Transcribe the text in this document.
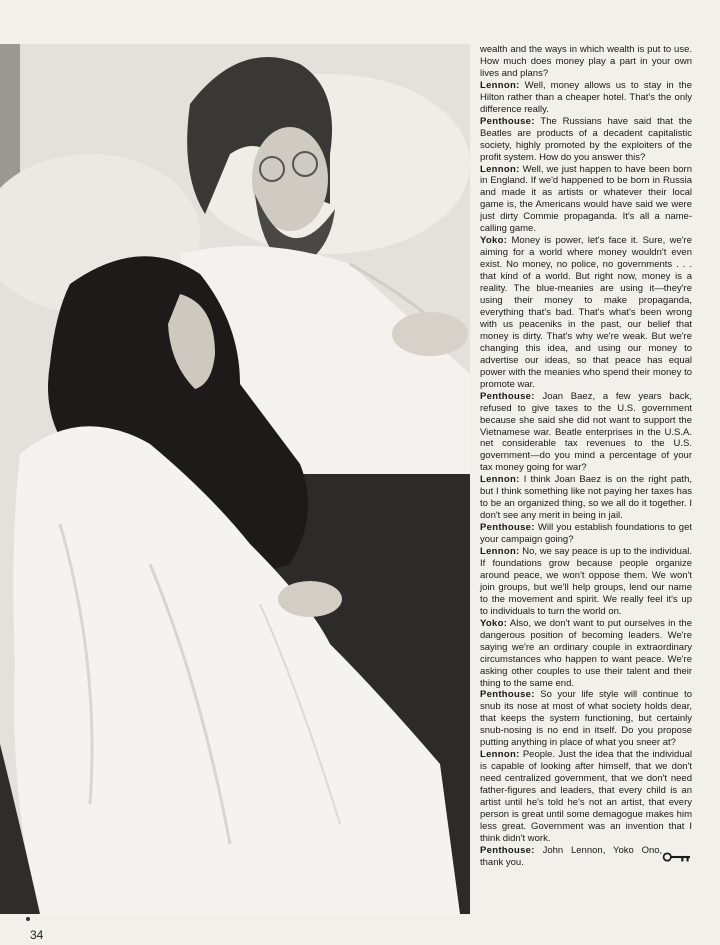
wealth and the ways in which wealth is put to use. How much does money play a part in your own lives and plans?

Lennon: Well, money allows us to stay in the Hilton rather than a cheaper hotel. That's the only difference really.

Penthouse: The Russians have said that the Beatles are products of a decadent capitalistic society, highly promoted by the exploiters of the profit system. How do you answer this?

Lennon: Well, we just happen to have been born in England. If we'd happened to be born in Russia and made it as artists or whatever their local game is, the Americans would have said we were just dirty Commie propaganda. It's all a name-calling game.

Yoko: Money is power, let's face it. Sure, we're aiming for a world where money wouldn't even exist. No money, no police, no governments . . . that kind of a world. But right now, money is a reality. The blue-meanies are using it—they're using their money to make propaganda, everything that's bad. That's what's been wrong with us peaceniks in the past, our belief that money is dirty. That's why we're weak. But we're changing this idea, and using our money to advertise our ideas, so that peace has equal power with the meanies who spend their money to promote war.

Penthouse: Joan Baez, a few years back, refused to give taxes to the U.S. government because she said she did not want to support the Vietnamese war. Beatle enterprises in the U.S.A. net considerable tax revenues to the U.S. government—do you mind a percentage of your tax money going for war?

Lennon: I think Joan Baez is on the right path, but I think something like not paying her taxes has to be an organized thing, so we all do it together. I don't see any merit in being in jail.

Penthouse: Will you establish foundations to get your campaign going?

Lennon: No, we say peace is up to the individual. If foundations grow because people organize around peace, we won't oppose them. We won't join groups, but we'll help groups, lend our name to the movement and spirit. We really feel it's up to individuals to turn the world on.

Yoko: Also, we don't want to put ourselves in the dangerous position of becoming leaders. We're saying we're an ordinary couple in extraordinary circumstances who happen to want peace. We're asking other couples to use their talent and their thing to the same end.

Penthouse: So your life style will continue to snub its nose at most of what society holds dear, that keeps the system functioning, but certainly snub-nosing is no end in itself. Do you propose putting anything in place of what you sneer at?

Lennon: People. Just the idea that the individual is capable of looking after himself, that we don't need centralized government, that we don't need father-figures and leaders, that every child is an artist until he's told he's not an artist, that every person is great until some demagogue makes him less great. Government was an invention that I think didn't work.

Penthouse: John Lennon, Yoko Ono, thank you.

34
